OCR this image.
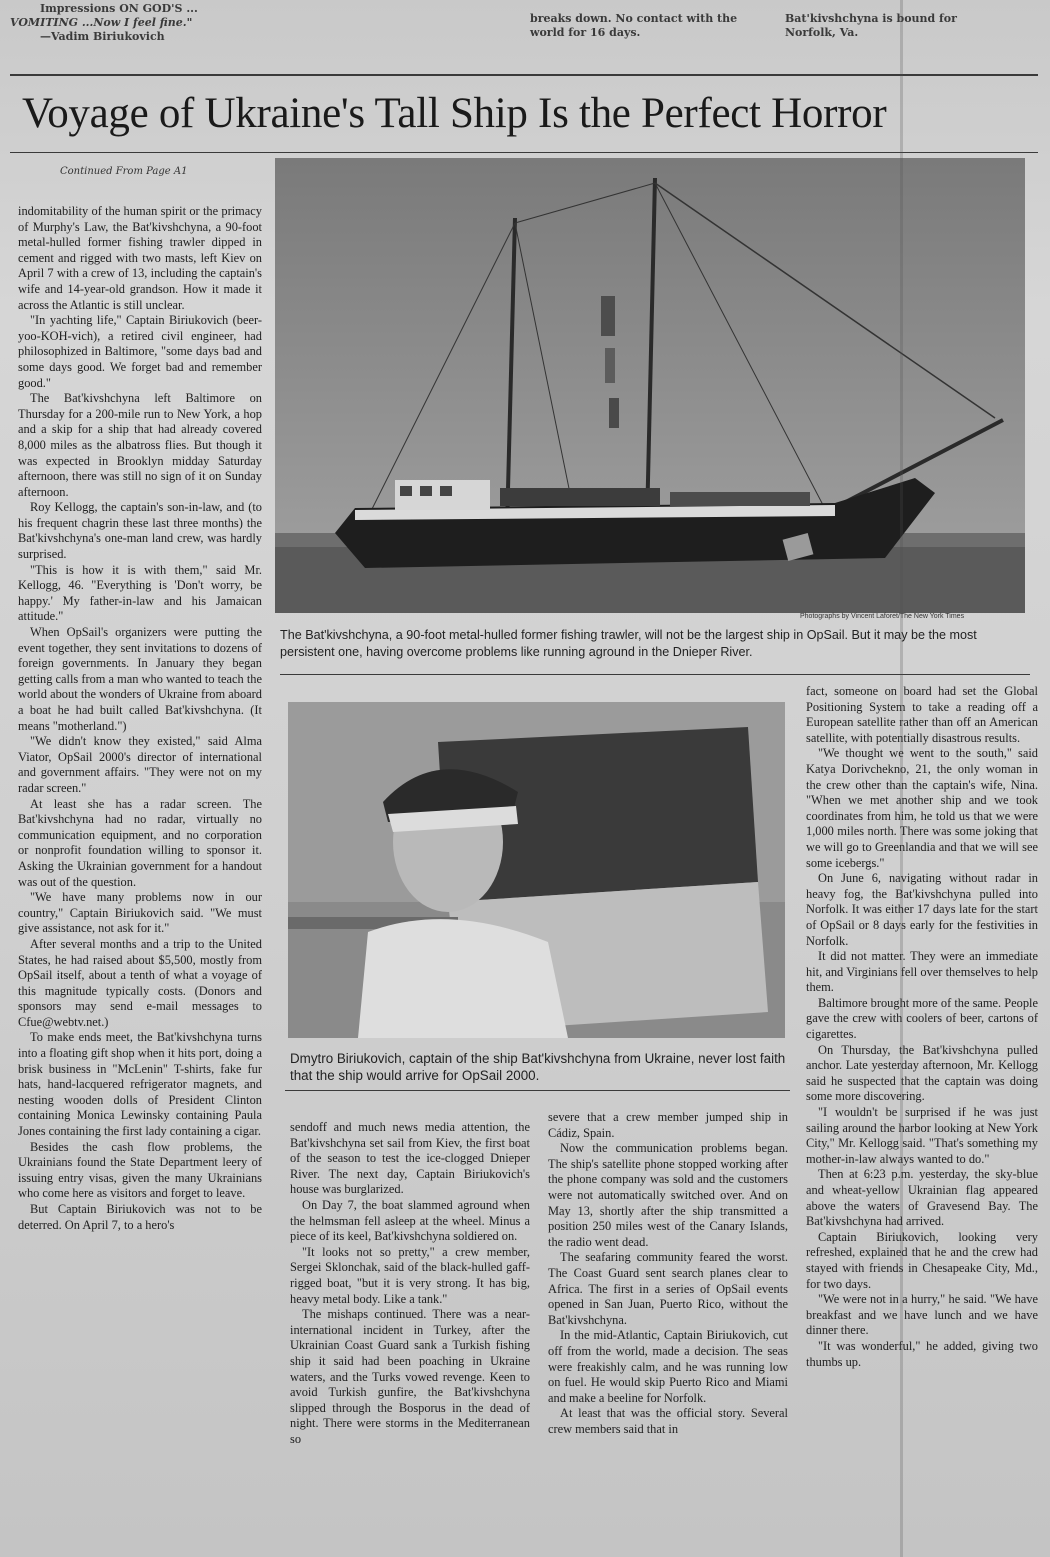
Impressions ON GOD'S ...
VOMITING ...Now I feel fine."
—Vadim Biriukovich
breaks down. No contact with the world for 16 days.
Bat'kivshchyna is bound for Norfolk, Va.
Voyage of Ukraine's Tall Ship Is the Perfect Horror
Continued From Page A1

indomitability of the human spirit or the primacy of Murphy's Law, the Bat'kivshchyna, a 90-foot metal-hulled former fishing trawler dipped in cement and rigged with two masts, left Kiev on April 7 with a crew of 13, including the captain's wife and 14-year-old grandson. How it made it across the Atlantic is still unclear.

"In yachting life," Captain Biriukovich (beer-yoo-KOH-vich), a retired civil engineer, had philosophized in Baltimore, "some days bad and some days good. We forget bad and remember good."

The Bat'kivshchyna left Baltimore on Thursday for a 200-mile run to New York, a hop and a skip for a ship that had already covered 8,000 miles as the albatross flies. But though it was expected in Brooklyn midday Saturday afternoon, there was still no sign of it on Sunday afternoon.

Roy Kellogg, the captain's son-in-law, and (to his frequent chagrin these last three months) the Bat'kivshchyna's one-man land crew, was hardly surprised.

"This is how it is with them," said Mr. Kellogg, 46. "Everything is 'Don't worry, be happy.' My father-in-law and his Jamaican attitude."

When OpSail's organizers were putting the event together, they sent invitations to dozens of foreign governments. In January they began getting calls from a man who wanted to teach the world about the wonders of Ukraine from aboard a boat he had built called Bat'kivshchyna. (It means "motherland.")

"We didn't know they existed," said Alma Viator, OpSail 2000's director of international and government affairs. "They were not on my radar screen."

At least she has a radar screen. The Bat'kivshchyna had no radar, virtually no communication equipment, and no corporation or nonprofit foundation willing to sponsor it. Asking the Ukrainian government for a handout was out of the question.

"We have many problems now in our country," Captain Biriukovich said. "We must give assistance, not ask for it."

After several months and a trip to the United States, he had raised about $5,500, mostly from OpSail itself, about a tenth of what a voyage of this magnitude typically costs. (Donors and sponsors may send e-mail messages to Cfue@webtv.net.)

To make ends meet, the Bat'kivshchyna turns into a floating gift shop when it hits port, doing a brisk business in "McLenin" T-shirts, fake fur hats, hand-lacquered refrigerator magnets, and nesting wooden dolls of President Clinton containing Monica Lewinsky containing Paula Jones containing the first lady containing a cigar.

Besides the cash flow problems, the Ukrainians found the State Department leery of issuing entry visas, given the many Ukrainians who come here as visitors and forget to leave.

But Captain Biriukovich was not to be deterred. On April 7, to a hero's

Photographs by Vincent Laforet/The New York Times
The Bat'kivshchyna, a 90-foot metal-hulled former fishing trawler, will not be the largest ship in OpSail. But it may be the most persistent one, having overcome problems like running aground in the Dnieper River.
Dmytro Biriukovich, captain of the ship Bat'kivshchyna from Ukraine, never lost faith that the ship would arrive for OpSail 2000.

sendoff and much news media attention, the Bat'kivshchyna set sail from Kiev, the first boat of the season to test the ice-clogged Dnieper River. The next day, Captain Biriukovich's house was burglarized.

On Day 7, the boat slammed aground when the helmsman fell asleep at the wheel. Minus a piece of its keel, Bat'kivshchyna soldiered on.

"It looks not so pretty," a crew member, Sergei Sklonchak, said of the black-hulled gaff-rigged boat, "but it is very strong. It has big, heavy metal body. Like a tank."

The mishaps continued. There was a near-international incident in Turkey, after the Ukrainian Coast Guard sank a Turkish fishing ship it said had been poaching in Ukraine waters, and the Turks vowed revenge. Keen to avoid Turkish gunfire, the Bat'kivshchyna slipped through the Bosporus in the dead of night. There were storms in the Mediterranean so

severe that a crew member jumped ship in Cádiz, Spain.

Now the communication problems began. The ship's satellite phone stopped working after the phone company was sold and the customers were not automatically switched over. And on May 13, shortly after the ship transmitted a position 250 miles west of the Canary Islands, the radio went dead.

The seafaring community feared the worst. The Coast Guard sent search planes clear to Africa. The first in a series of OpSail events opened in San Juan, Puerto Rico, without the Bat'kivshchyna.

In the mid-Atlantic, Captain Biriukovich, cut off from the world, made a decision. The seas were freakishly calm, and he was running low on fuel. He would skip Puerto Rico and Miami and make a beeline for Norfolk.

At least that was the official story. Several crew members said that in

fact, someone on board had set the Global Positioning System to take a reading off a European satellite rather than off an American satellite, with potentially disastrous results.

"We thought we went to the south," said Katya Dorivchekno, 21, the only woman in the crew other than the captain's wife, Nina. "When we met another ship and we took coordinates from him, he told us that we were 1,000 miles north. There was some joking that we will go to Greenlandia and that we will see some icebergs."

On June 6, navigating without radar in heavy fog, the Bat'kivshchyna pulled into Norfolk. It was either 17 days late for the start of OpSail or 8 days early for the festivities in Norfolk.

It did not matter. They were an immediate hit, and Virginians fell over themselves to help them.

Baltimore brought more of the same. People gave the crew with coolers of beer, cartons of cigarettes.

On Thursday, the Bat'kivshchyna pulled anchor. Late yesterday afternoon, Mr. Kellogg said he suspected that the captain was doing some more discovering.

"I wouldn't be surprised if he was just sailing around the harbor looking at New York City," Mr. Kellogg said. "That's something my mother-in-law always wanted to do."

Then at 6:23 p.m. yesterday, the sky-blue and wheat-yellow Ukrainian flag appeared above the waters of Gravesend Bay. The Bat'kivshchyna had arrived.

Captain Biriukovich, looking very refreshed, explained that he and the crew had stayed with friends in Chesapeake City, Md., for two days.

"We were not in a hurry," he said. "We have breakfast and we have lunch and we have dinner there.

"It was wonderful," he added, giving two thumbs up.
